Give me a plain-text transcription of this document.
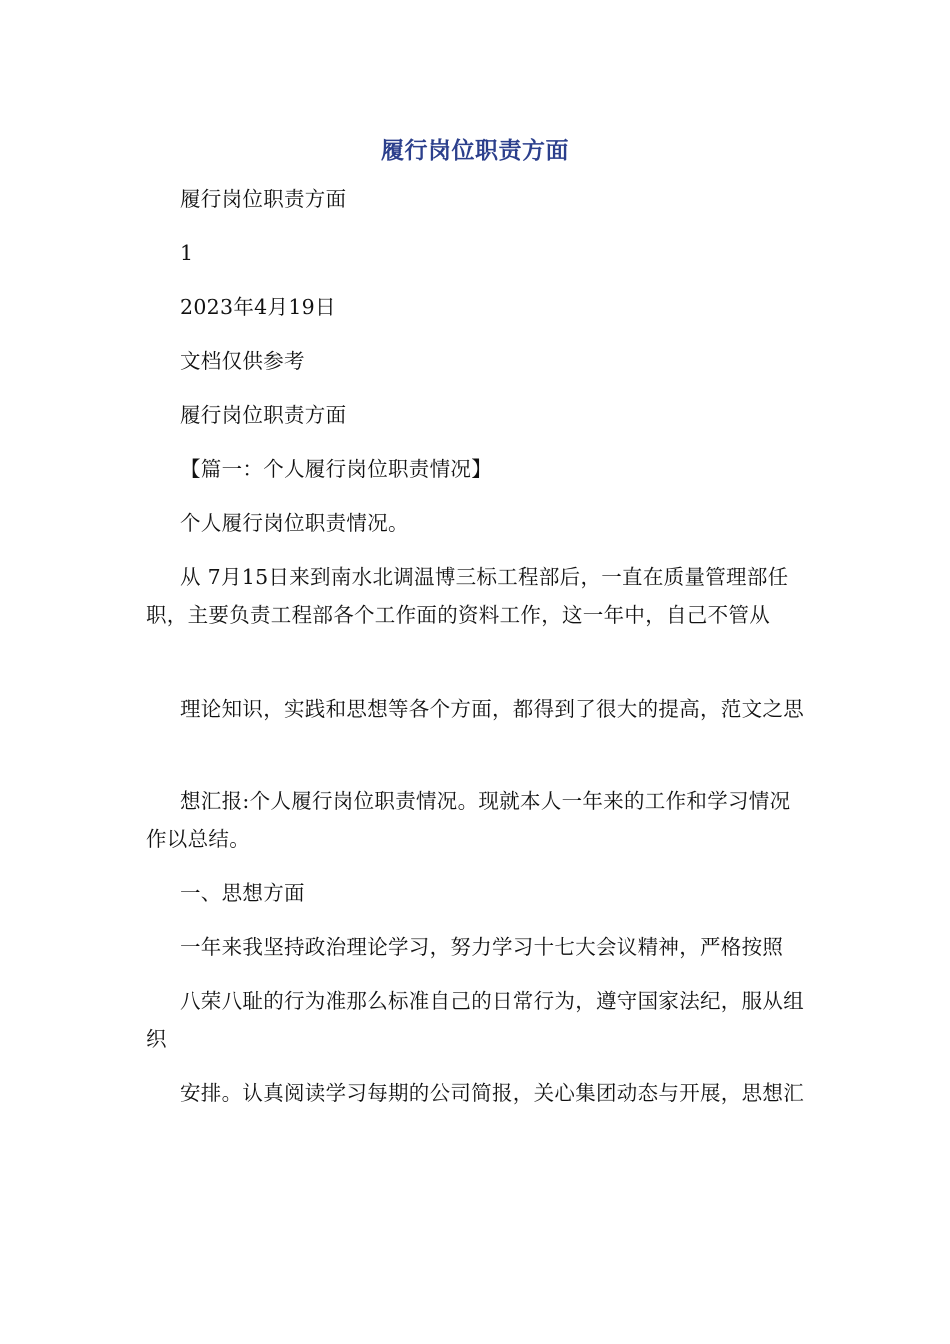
履行岗位职责方面

履行岗位职责方面

1

2023年4月19日

文档仅供参考

履行岗位职责方面

【篇一：个人履行岗位职责情况】

个人履行岗位职责情况。

从 7月15日来到南水北调温博三标工程部后，一直在质量管理部任职，主要负责工程部各个工作面的资料工作，这一年中，自己不管从

理论知识，实践和思想等各个方面，都得到了很大的提高，范文之思

想汇报:个人履行岗位职责情况。现就本人一年来的工作和学习情况作以总结。

一、思想方面

一年来我坚持政治理论学习，努力学习十七大会议精神，严格按照

八荣八耻的行为准那么标准自己的日常行为，遵守国家法纪，服从组织

安排。认真阅读学习每期的公司简报，关心集团动态与开展，思想汇
